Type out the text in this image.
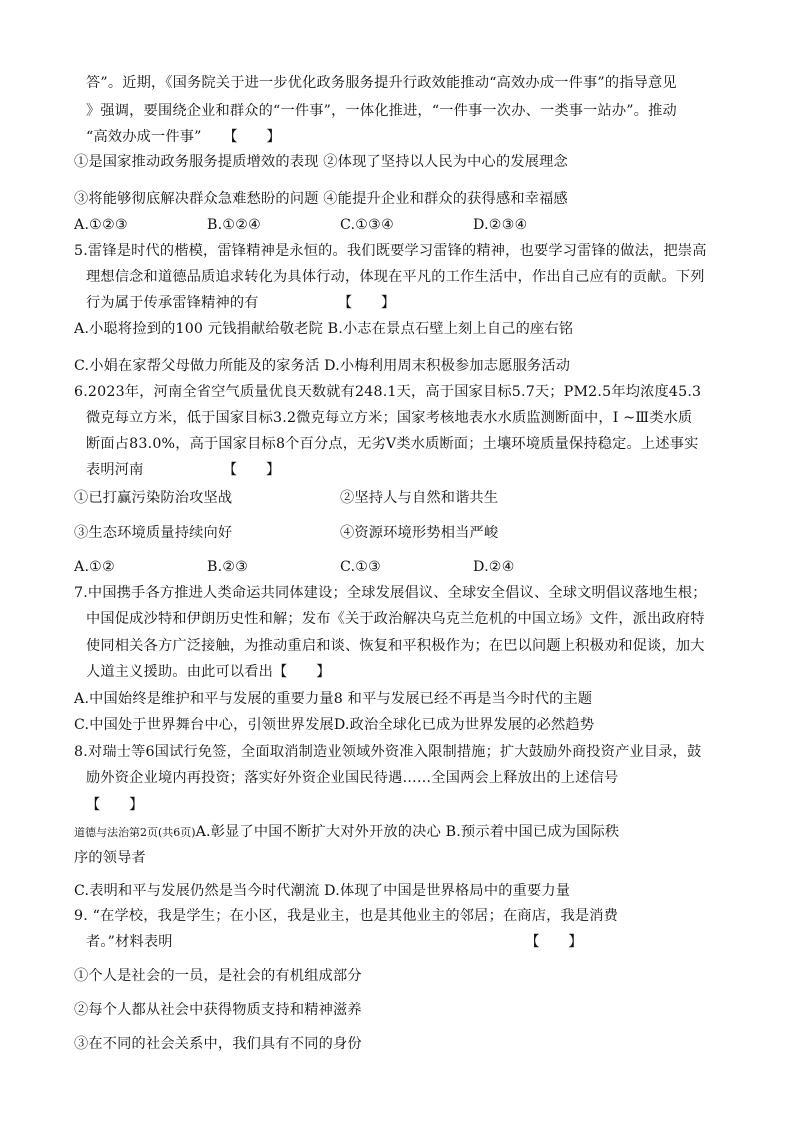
答”。近期，《国务院关于进一步优化政务服务提升行政效能推动“高效办成一件事”的指导意见
》强调，要围绕企业和群众的“一件事”，一体化推进，“一件事一次办、一类事一站办”。推动
“高效办成一件事”　　【　　】
①是国家推动政务服务提质增效的表现 ②体现了坚持以人民为中心的发展理念
③将能够彻底解决群众急难愁盼的问题 ④能提升企业和群众的获得感和幸福感
A.①②③	B.①②④	C.①③④	D.②③④
5.雷锋是时代的楷模，雷锋精神是永恒的。我们既要学习雷锋的精神，也要学习雷锋的做法，把崇高
理想信念和道德品质追求转化为具体行动，体现在平凡的工作生活中，作出自己应有的贡献。下列
行为属于传承雷锋精神的有　　　　　　【　　】
A.小聪将捡到的100 元钱捐献给敬老院 B.小志在景点石壁上刻上自己的座右铭
C.小娟在家帮父母做力所能及的家务活 D.小梅利用周末积极参加志愿服务活动
6.2023年，河南全省空气质量优良天数就有248.1天，高于国家目标5.7天；PM2.5年均浓度45.3
微克每立方米，低于国家目标3.2微克每立方米；国家考核地表水水质监测断面中，Ⅰ ~Ⅲ类水质
断面占83.0%，高于国家目标8个百分点，无劣Ⅴ类水质断面；土壤环境质量保持稳定。上述事实
表明河南　　　　　　【　　】
①已打赢污染防治攻坚战	②坚持人与自然和谐共生
③生态环境质量持续向好	④资源环境形势相当严峻
A.①②	B.②③	C.①③	D.②④
7.中国携手各方推进人类命运共同体建设；全球发展倡议、全球安全倡议、全球文明倡议落地生根；
中国促成沙特和伊朗历史性和解；发布《关于政治解决乌克兰危机的中国立场》文件，派出政府特
使同相关各方广泛接触，为推动重启和谈、恢复和平积极作为；在巴以问题上积极劝和促谈，加大
人道主义援助。由此可以看出【　　】
A.中国始终是维护和平与发展的重要力量8 和平与发展已经不再是当今时代的主题
C.中国处于世界舞台中心，引领世界发展D.政治全球化已成为世界发展的必然趋势
8.对瑞士等6国试行免签，全面取消制造业领域外资准入限制措施；扩大鼓励外商投资产业目录，鼓
励外资企业境内再投资；落实好外资企业国民待遇……全国两会上释放出的上述信号
【　　】
道德与法治第2页(共6页)A.彰显了中国不断扩大对外开放的决心 B.预示着中国已成为国际秩
序的领导者
C.表明和平与发展仍然是当今时代潮流 D.体现了中国是世界格局中的重要力量
9. “在学校，我是学生；在小区，我是业主，也是其他业主的邻居；在商店，我是消费
者。”材料表明　　　　　　　　　　　　　　　　　　　　　　　　　【　　】
①个人是社会的一员，是社会的有机组成部分
②每个人都从社会中获得物质支持和精神滋养
③在不同的社会关系中，我们具有不同的身份
